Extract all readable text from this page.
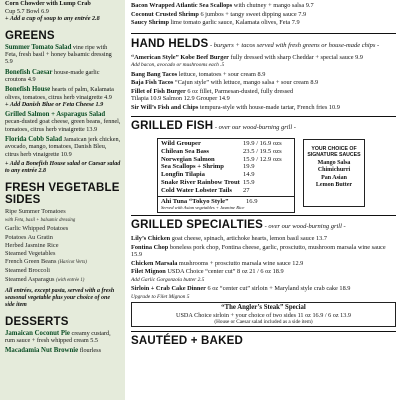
Corn Chowder with Lump Crab
Cup 5.7 Bowl 6.9
+ Add a cup of soup to any entrée 2.8
GREENS
Summer Tomato Salad vine ripe with Feta, fresh basil + honey balsamic dressing 5.9
Bonefish Caesar house-made garlic croutons 4.9
Bonefish House hearts of palm, Kalamata olives, tomatoes, citrus herb vinaigrette 4.9
+ Add Danish Blue or Feta Cheese 1.9
Grilled Salmon + Asparagus Salad pecan-dusted goat cheese, green beans, fennel, tomatoes, citrus herb vinaigrette 13.9
Florida Cobb Salad Jamaican jerk chicken, avocado, mango, tomatoes, Danish Bleu, citrus herb vinaigrette 10.9
+ Add a Bonefish House salad or Caesar salad to any entrée 2.8
FRESH VEGETABLE SIDES
Ripe Summer Tomatoes
with Feta, basil + balsamic dressing
Garlic Whipped Potatoes
Potatoes Au Gratin
Herbed Jasmine Rice
Steamed Vegetables
French Green Beans (Haricot Verts)
Steamed Broccoli
Steamed Asparagus (with entrée 1)
All entrées, except pasta, served with a fresh seasonal vegetable plus your choice of one side item
DESSERTS
Jamaican Coconut Pie creamy custard, rum sauce + fresh whipped cream 5.5
Macadamia Nut Brownie flourless
Bacon Wrapped Atlantic Sea Scallops with chutney + mango salsa 9.7
Coconut Crusted Shrimp 6 jumbos + tangy sweet dipping sauce 7.9
Saucy Shrimp lime tomato garlic sauce, Kalamata olives, Feta 7.9
HAND HELDS - burgers + tacos served with fresh greens or house-made chips -
“American Style” Kobe Beef Burger fully dressed with sharp Cheddar + special sauce 9.9
Add bacon, avocado or mushrooms each .5
Bang Bang Tacos lettuce, tomatoes + sour cream 8.9
Baja Fish Tacos “Cajun style” with lettuce, mango salsa + sour cream 8.9
Fillet of Fish Burger 6 oz fillet, Parmesan-dusted, fully dressed
Tilapia 10.9 Salmon 12.9 Grouper 14.9
Sir Will’s Fish and Chips tempura-style with house-made tartar, French fries 10.9
GRILLED FISH - over our wood-burning grill -
Wild Grouper	19.9 / 16.9 ozs
Chilean Sea Bass	23.5 / 19.5 ozs
Norwegian Salmon	15.9 / 12.9 ozs
Sea Scallops + Shrimp	19.9
Longfin Tilapia	14.9
Snake River Rainbow Trout 15.9
Cold Water Lobster Tails	27
Ahi Tuna “Tokyo Style”	16.9
Served with Asian vegetables + Jasmine Rice
YOUR CHOICE OF SIGNATURE SAUCES
Mango Salsa
Chimichurri
Pan Asian
Lemon Butter
GRILLED SPECIALTIES - over our wood-burning grill -
Lily’s Chicken goat cheese, spinach, artichoke hearts, lemon basil sauce 13.7
Fontina Chop boneless pork chop, Fontina cheese, garlic, prosciutto, mushroom marsala wine sauce 15.9
Chicken Marsala mushrooms + prosciutto marsala wine sauce 12.9
Filet Mignon USDA Choice “center cut” 8 oz 21 / 6 oz 18.9
Add Garlic Gorgonzola butter 2.5
Sirloin + Crab Cake Dinner 6 oz “center cut” sirloin + Maryland style crab cake 18.9
Upgrade to Filet Mignon 5
“The Angler’s Steak” Special
USDA Choice sirloin + your choice of two sides 11 oz 16.9 / 6 oz 13.9
(House or Caesar salad included as a side item)
SAUTÉED + BAKED
